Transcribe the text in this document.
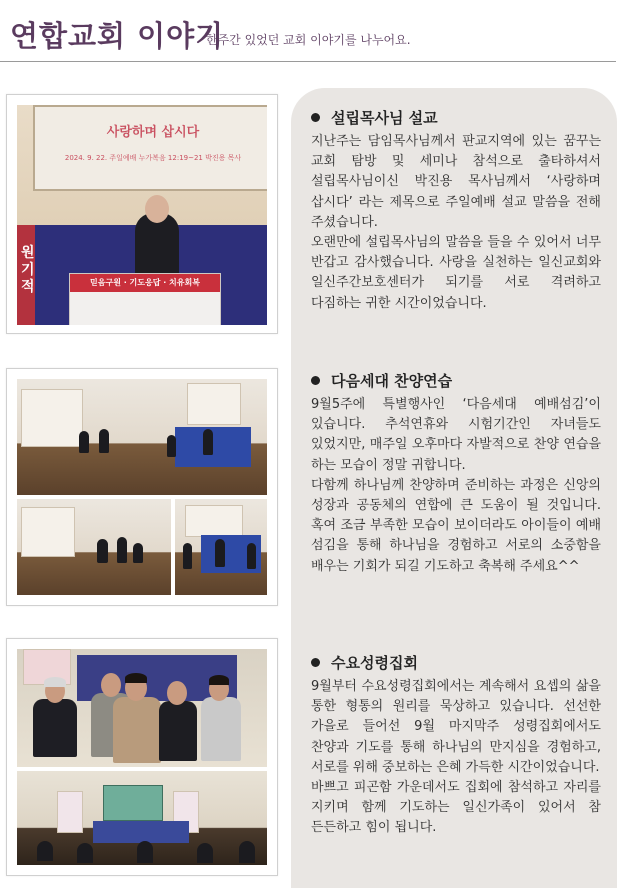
연합교회 이야기
한주간 있었던 교회 이야기를 나누어요.
사랑하며 삽시다
2024. 9. 22. 주일예배 누가복음 12:19~21 박진용 목사
원
기
적	믿음구원 · 기도응답 · 치유회복
설립목사님 설교

지난주는 담임목사님께서 판교지역에 있는 꿈꾸는 교회 탐방 및 세미나 참석으로 출타하셔서 설립목사님이신 박진용 목사님께서 ‘사랑하며 삽시다’ 라는 제목으로 주일예배 설교 말씀을 전해 주셨습니다.

오랜만에 설립목사님의 말씀을 들을 수 있어서 너무 반갑고 감사했습니다. 사랑을 실천하는 일신교회와 일신주간보호센터가 되기를 서로 격려하고 다짐하는 귀한 시간이었습니다.

다음세대 찬양연습

9월5주에 특별행사인 ‘다음세대 예배섬김’이 있습니다. 추석연휴와 시험기간인 자녀들도 있었지만, 매주일 오후마다 자발적으로 찬양 연습을 하는 모습이 정말 귀합니다.

다함께 하나님께 찬양하며 준비하는 과정은 신앙의 성장과 공동체의 연합에 큰 도움이 될 것입니다. 혹여 조금 부족한 모습이 보이더라도 아이들이 예배 섬김을 통해 하나님을 경험하고 서로의 소중함을 배우는 기회가 되길 기도하고 축복해 주세요^^

수요성령집회

9월부터 수요성령집회에서는 계속해서 요셉의 삶을 통한 형통의 원리를 묵상하고 있습니다. 선선한 가을로 들어선 9월 마지막주 성령집회에서도 찬양과 기도를 통해 하나님의 만지심을 경험하고, 서로를 위해 중보하는 은혜 가득한 시간이었습니다.

바쁘고 피곤함 가운데서도 집회에 참석하고 자리를 지키며 함께 기도하는 일신가족이 있어서 참 든든하고 힘이 됩니다.
